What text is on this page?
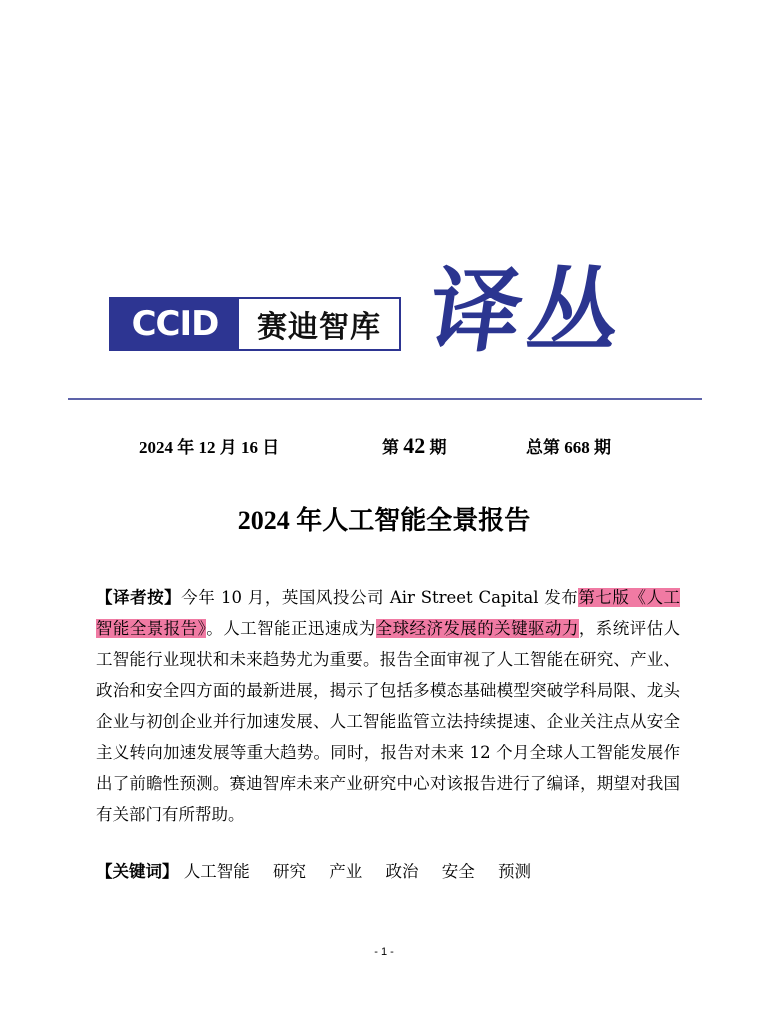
CCID	赛迪智库 译丛
2024 年 12 月 16 日	第 42 期	总第 668 期
2024 年人工智能全景报告
【译者按】今年 10 月，英国风投公司 Air Street Capital 发布第七版《人工智能全景报告》。人工智能正迅速成为全球经济发展的关键驱动力，系统评估人工智能行业现状和未来趋势尤为重要。报告全面审视了人工智能在研究、产业、政治和安全四方面的最新进展，揭示了包括多模态基础模型突破学科局限、龙头企业与初创企业并行加速发展、人工智能监管立法持续提速、企业关注点从安全主义转向加速发展等重大趋势。同时，报告对未来 12 个月全球人工智能发展作出了前瞻性预测。赛迪智库未来产业研究中心对该报告进行了编译，期望对我国有关部门有所帮助。
【关键词】 人工智能 研究 产业 政治 安全 预测
- 1 -
